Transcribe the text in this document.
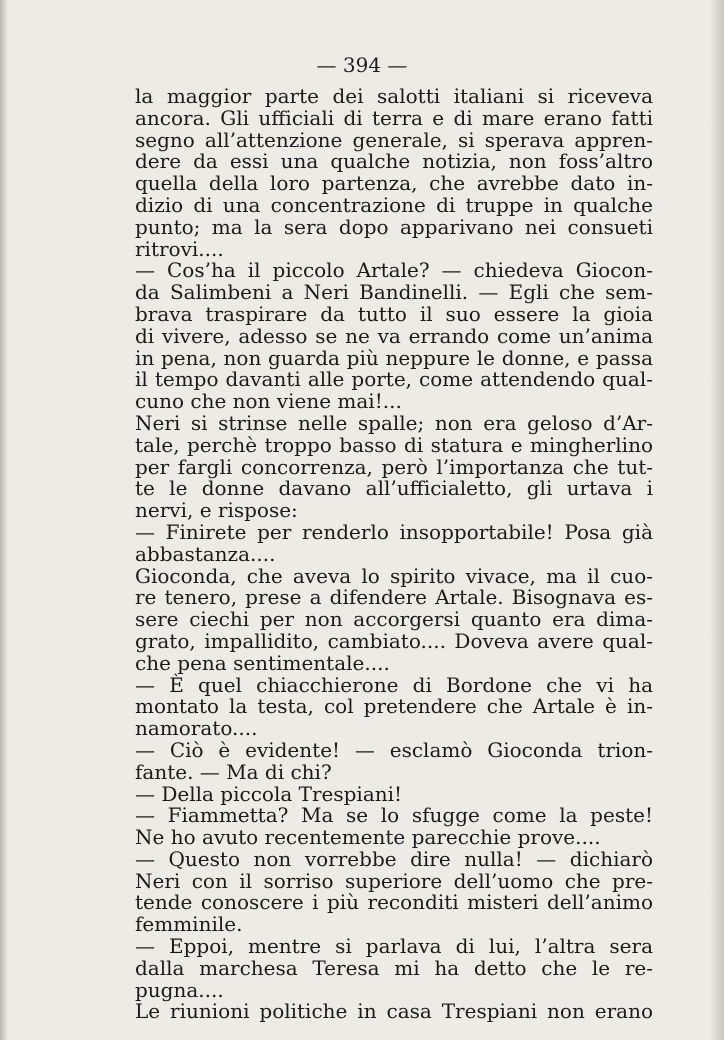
— 394 —
la maggior parte dei salotti italiani si riceveva
ancora. Gli ufficiali di terra e di mare erano fatti
segno all’attenzione generale, si sperava appren-
dere da essi una qualche notizia, non foss’altro
quella della loro partenza, che avrebbe dato in-
dizio di una concentrazione di truppe in qualche
punto; ma la sera dopo apparivano nei consueti
ritrovi....
— Cos’ha il piccolo Artale? — chiedeva Giocon-
da Salimbeni a Neri Bandinelli. — Egli che sem-
brava traspirare da tutto il suo essere la gioia
di vivere, adesso se ne va errando come un’anima
in pena, non guarda più neppure le donne, e passa
il tempo davanti alle porte, come attendendo qual-
cuno che non viene mai!...
Neri si strinse nelle spalle; non era geloso d’Ar-
tale, perchè troppo basso di statura e mingherlino
per fargli concorrenza, però l’importanza che tut-
te le donne davano all’ufficialetto, gli urtava i
nervi, e rispose:
— Finirete per renderlo insopportabile! Posa già
abbastanza....
Gioconda, che aveva lo spirito vivace, ma il cuo-
re tenero, prese a difendere Artale. Bisognava es-
sere ciechi per non accorgersi quanto era dima-
grato, impallidito, cambiato.... Doveva avere qual-
che pena sentimentale....
— È quel chiacchierone di Bordone che vi ha
montato la testa, col pretendere che Artale è in-
namorato....
— Ciò è evidente! — esclamò Gioconda trion-
fante. — Ma di chi?
— Della piccola Trespiani!
— Fiammetta? Ma se lo sfugge come la peste!
Ne ho avuto recentemente parecchie prove....
— Questo non vorrebbe dire nulla! — dichiarò
Neri con il sorriso superiore dell’uomo che pre-
tende conoscere i più reconditi misteri dell’animo
femminile.
— Eppoi, mentre si parlava di lui, l’altra sera
dalla marchesa Teresa mi ha detto che le re-
pugna....
Le riunioni politiche in casa Trespiani non erano
